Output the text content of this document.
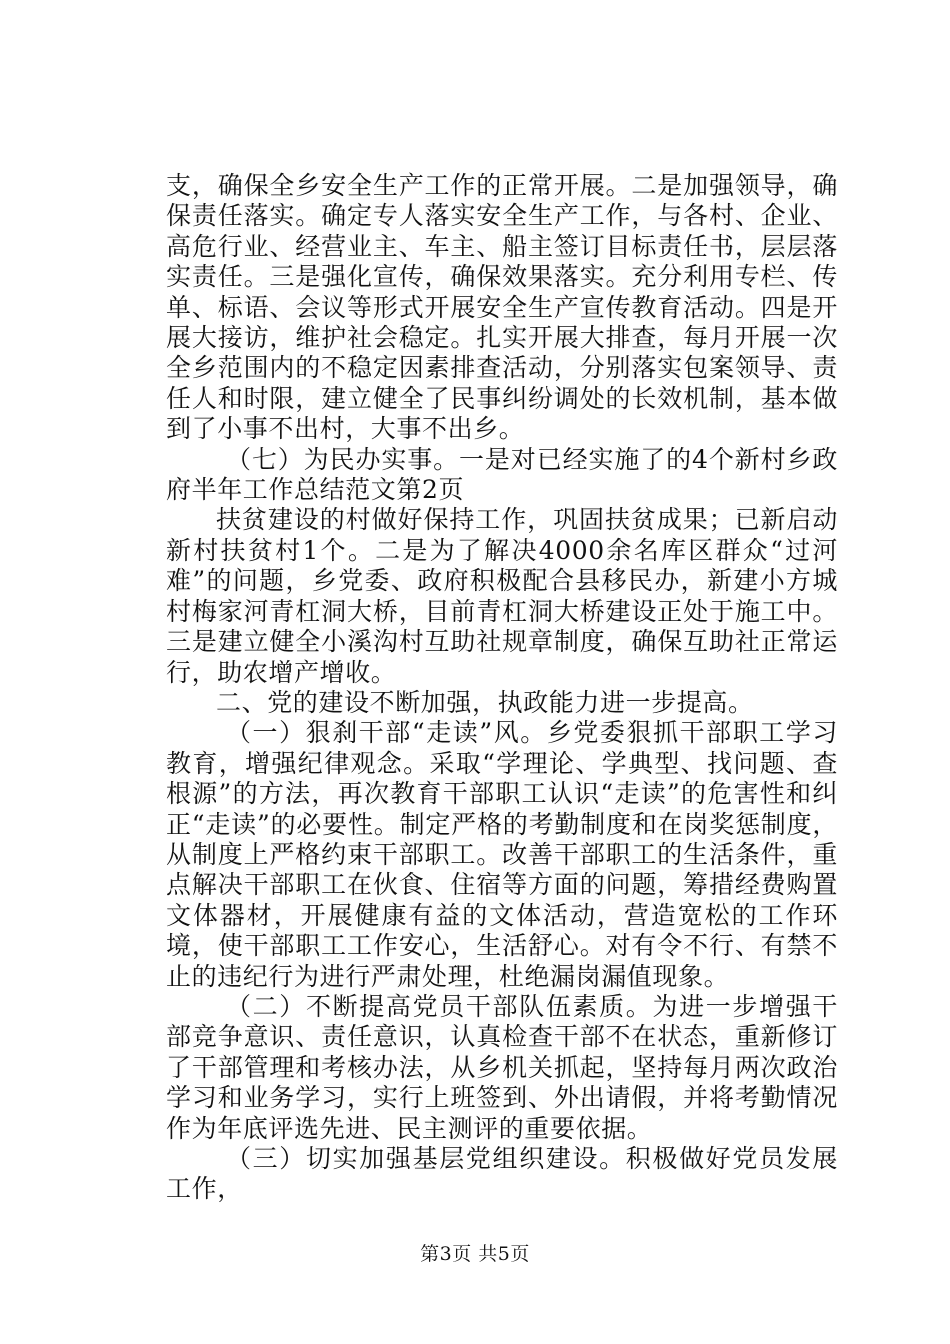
支，确保全乡安全生产工作的正常开展。二是加强领导，确保责任落实。确定专人落实安全生产工作，与各村、企业、高危行业、经营业主、车主、船主签订目标责任书，层层落实责任。三是强化宣传，确保效果落实。充分利用专栏、传单、标语、会议等形式开展安全生产宣传教育活动。四是开展大接访，维护社会稳定。扎实开展大排查，每月开展一次全乡范围内的不稳定因素排查活动，分别落实包案领导、责任人和时限，建立健全了民事纠纷调处的长效机制，基本做到了小事不出村，大事不出乡。

（七）为民办实事。一是对已经实施了的4个新村乡政府半年工作总结范文第2页

扶贫建设的村做好保持工作，巩固扶贫成果；已新启动新村扶贫村1个。二是为了解决4000余名库区群众“过河难”的问题，乡党委、政府积极配合县移民办，新建小方城村梅家河青杠洞大桥，目前青杠洞大桥建设正处于施工中。三是建立健全小溪沟村互助社规章制度，确保互助社正常运行，助农增产增收。

二、党的建设不断加强，执政能力进一步提高。

（一）狠刹干部“走读”风。乡党委狠抓干部职工学习教育，增强纪律观念。采取“学理论、学典型、找问题、查根源”的方法，再次教育干部职工认识“走读”的危害性和纠正“走读”的必要性。制定严格的考勤制度和在岗奖惩制度，从制度上严格约束干部职工。改善干部职工的生活条件，重点解决干部职工在伙食、住宿等方面的问题，筹措经费购置文体器材，开展健康有益的文体活动，营造宽松的工作环境，使干部职工工作安心，生活舒心。对有令不行、有禁不止的违纪行为进行严肃处理，杜绝漏岗漏值现象。

（二）不断提高党员干部队伍素质。为进一步增强干部竞争意识、责任意识，认真检查干部不在状态，重新修订了干部管理和考核办法，从乡机关抓起，坚持每月两次政治学习和业务学习，实行上班签到、外出请假，并将考勤情况作为年底评选先进、民主测评的重要依据。

（三）切实加强基层党组织建设。积极做好党员发展工作，

第3页 共5页
